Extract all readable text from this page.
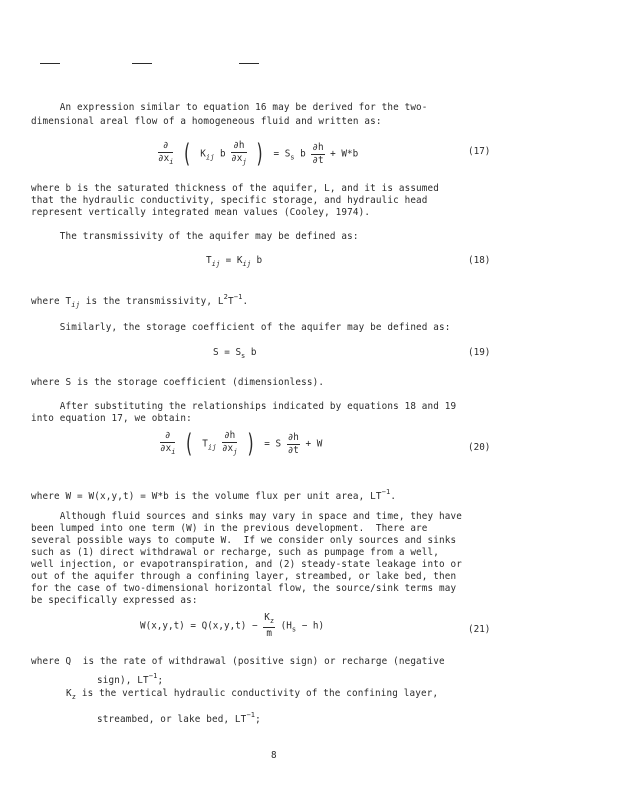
An expression similar to equation 16 may be derived for the two-
dimensional areal flow of a homogeneous fluid and written as:
$\frac{\partial}{\partial x_i}$ ( $K_{ij}$ b $\frac{\partial h}{\partial x_j}$ ) = $S_s$ b $\frac{\partial h}{\partial t} + W*b$	(17)
where b is the saturated thickness of the aquifer, L, and it is assumed
that the hydraulic conductivity, specific storage, and hydraulic head
represent vertically integrated mean values (Cooley, 1974).
The transmissivity of the aquifer may be defined as:
$T_{ij} = K_{ij}$ b	(18)
where $T_{ij}$ is the transmissivity, $L^2T^{-1}$.
Similarly, the storage coefficient of the aquifer may be defined as:
$S = S_s$ b	(19)
where S is the storage coefficient (dimensionless).
After substituting the relationships indicated by equations 18 and 19
into equation 17, we obtain:
$\frac{\partial}{\partial x_i}$ ( $T_{ij} \frac{\partial h}{\partial x_j}$ ) = S $\frac{\partial h}{\partial t} + W$	(20)
where W = W(x,y,t) = W*b is the volume flux per unit area, $LT^{-1}$.
Although fluid sources and sinks may vary in space and time, they have
been lumped into one term (W) in the previous development.  There are
several possible ways to compute W.  If we consider only sources and sinks
such as (1) direct withdrawal or recharge, such as pumpage from a well,
well injection, or evapotranspiration, and (2) steady-state leakage into or
out of the aquifer through a confining layer, streambed, or lake bed, then
for the case of two-dimensional horizontal flow, the source/sink terms may
be specifically expressed as:
$W(x,y,t) = Q(x,y,t) - \frac{K_z}{m} (H_s - h)$	(21)
where Q  is the rate of withdrawal (positive sign) or recharge (negative
sign), $LT^{-1}$;
$K_z$ is the vertical hydraulic conductivity of the confining layer,
streambed, or lake bed, $LT^{-1}$;
8
